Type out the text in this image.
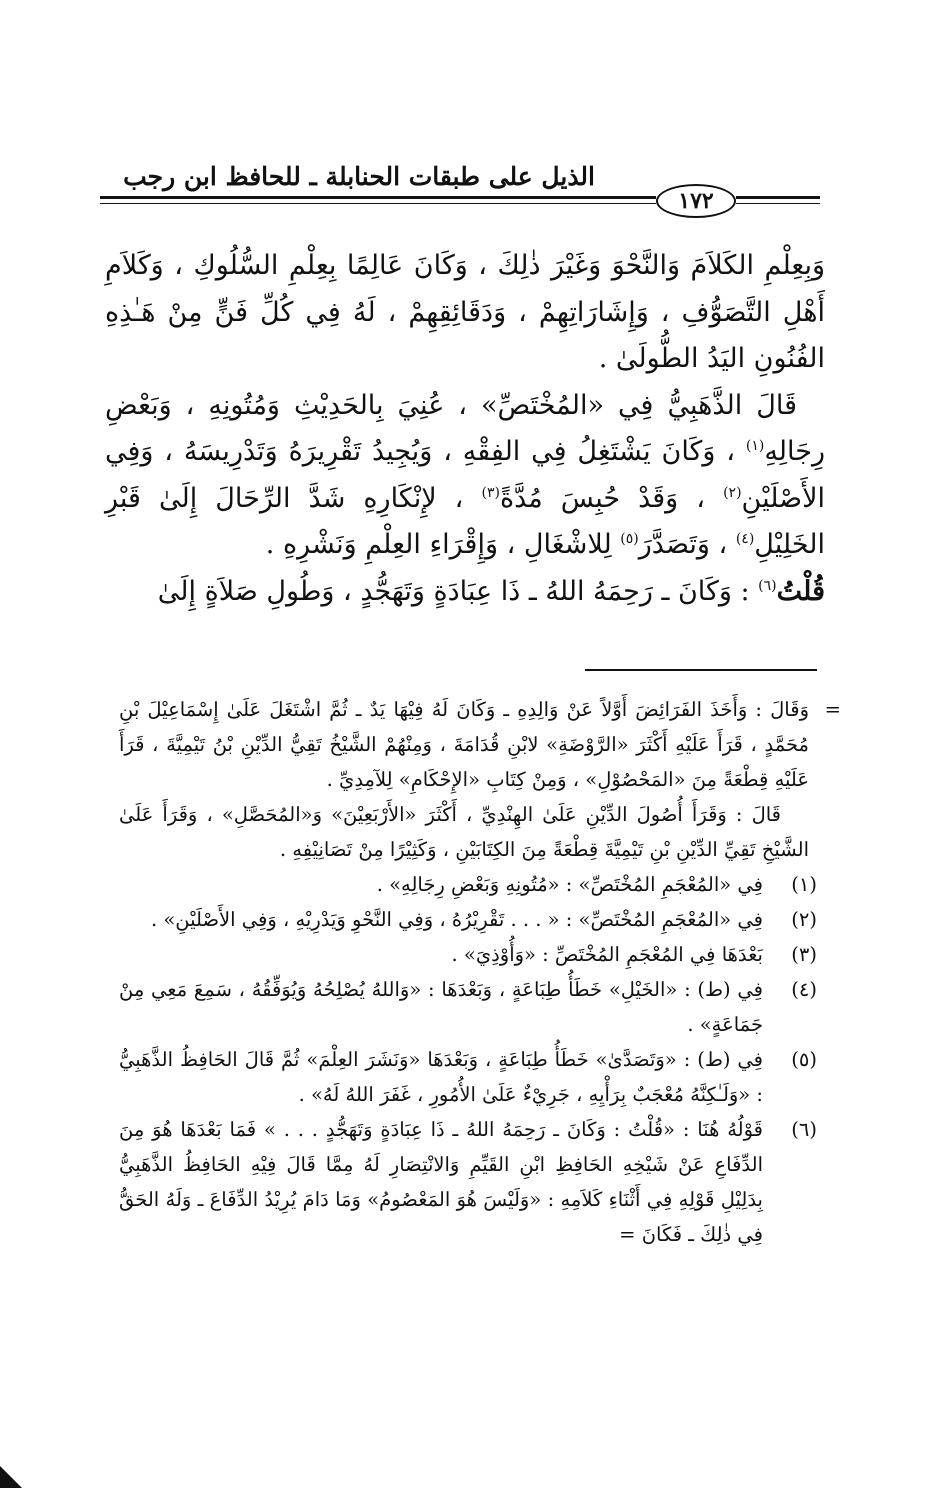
الذيل على طبقات الحنابلة ـ للحافظ ابن رجب
١٧٢

وَبِعِلْمِ الكَلاَمَ وَالنَّحْوَ وَغَيْرَ ذٰلِكَ ، وَكَانَ عَالِمًا بِعِلْمِ السُّلُوكِ ، وَكَلاَمِ أَهْلِ التَّصَوُّفِ ، وَإِشَارَاتِهِمْ ، وَدَقَائِقِهِمْ ، لَهُ فِي كُلِّ فَنٍّ مِنْ هَـٰذِهِ الفُنُونِ اليَدُ الطُّولَىٰ .

قَالَ الذَّهَبِيُّ فِي «المُخْتَصِّ» ، عُنِيَ بِالحَدِيْثِ وَمُتُونِهِ ، وَبَعْضِ رِجَالِهِ$^{(١)}$ ، وَكَانَ يَشْتَغِلُ فِي الفِقْهِ ، وَيُجِيدُ تَقْرِيرَهُ وَتَدْرِيسَهُ ، وَفِي الأَصْلَيْنِ$^{(٢)}$ ، وَقَدْ حُبِسَ مُدَّةً$^{(٣)}$ ، لإِنْكَارِهِ شَدَّ الرِّحَالَ إِلَىٰ قَبْرِ الخَلِيْلِ$^{(٤)}$ ، وَتَصَدَّرَ$^{(٥)}$ لِلاشْغَالِ ، وَإِقْرَاءِ العِلْمِ وَنَشْرِهِ .

قُلْتُ$^{(٦)}$ : وَكَانَ ـ رَحِمَهُ اللهُ ـ ذَا عِبَادَةٍ وَتَهَجُّدٍ ، وَطُولِ صَلاَةٍ إِلَىٰ

=

وَقَالَ : وَأَخَذَ الفَرَائِضَ أَوَّلاً عَنْ وَالِدِهِ ـ وَكَانَ لَهُ فِيْهَا يَدٌ ـ ثُمَّ اشْتَغَلَ عَلَىٰ إِسْمَاعِيْلَ بْنِ مُحَمَّدٍ ، قَرَأَ عَلَيْهِ أَكْثَرَ «الرَّوْضَةِ» لابْنِ قُدَامَةَ ، وَمِنْهُمْ الشَّيْخُ تَقِيُّ الدِّيْنِ بْنُ تَيْمِيَّةَ ، قَرَأَ عَلَيْهِ قِطْعَةً مِنَ «المَحْصُوْلِ» ، وَمِنْ كِتَابِ «الإِحْكَامِ» لِلآمِدِيِّ .

قَالَ : وَقَرَأَ أُصُولَ الدِّيْنِ عَلَىٰ الهِنْدِيِّ ، أَكْثَرَ «الأَرْبَعِيْنَ» وَ«المُحَصَّلِ» ، وَقَرَأَ عَلَىٰ الشَّيْخِ تَقِيِّ الدِّيْنِ بْنِ تَيْمِيَّةَ قِطْعَةً مِنَ الكِتَابَيْنِ ، وَكَثِيْرًا مِنْ تَصَانِيْفِهِ .

(١)
فِي «المُعْجَمِ المُخْتَصِّ» : «مُتُونِهِ وَبَعْضِ رِجَالِهِ» .

(٢)
فِي «المُعْجَمِ المُخْتَصِّ» : « . . . تَقْرِيْرُهُ ، وَفِي النَّحْوِ وَيَدْرِيْهِ ، وَفِي الأَصْلَيْنِ» .

(٣)
بَعْدَهَا فِي المُعْجَمِ المُخْتَصِّ : «وَأُوْذِيَ» .

(٤)
فِي (ط) : «الخَيْلِ» خَطَأُ طِبَاعَةٍ ، وَبَعْدَهَا : «وَاللهُ يُصْلِحُهُ وَيُوَفِّقُهُ ، سَمِعَ مَعِي مِنْ جَمَاعَةٍ» .

(٥)
فِي (ط) : «وَتَصَدَّىٰ» خَطَأُ طِبَاعَةٍ ، وَبَعْدَهَا «وَنَشَرَ العِلْمَ» ثُمَّ قَالَ الحَافِظُ الذَّهَبِيُّ : «وَلَـٰكِنَّهُ مُعْجَبٌ بِرَأْيِهِ ، جَرِيْءٌ عَلَىٰ الأُمُورِ ، غَفَرَ اللهُ لَهُ» .

(٦)
قَوْلُهُ هُنَا : «قُلْتُ : وَكَانَ ـ رَحِمَهُ اللهُ ـ ذَا عِبَادَةٍ وَتَهَجُّدٍ . . . » فَمَا بَعْدَهَا هُوَ مِنَ الدِّفَاعِ عَنْ شَيْخِهِ الحَافِظِ ابْنِ القَيِّمِ وَالانْتِصَارِ لَهُ مِمَّا قَالَ فِيْهِ الحَافِظُ الذَّهَبِيُّ بِدَلِيْلِ قَوْلِهِ فِي أَثْنَاءِ كَلاَمِهِ : «وَلَيْسَ هُوَ المَعْصُومُ» وَمَا دَامَ يُرِيْدُ الدِّفَاعَ ـ وَلَهُ الحَقُّ فِي ذٰلِكَ ـ فَكَانَ =
